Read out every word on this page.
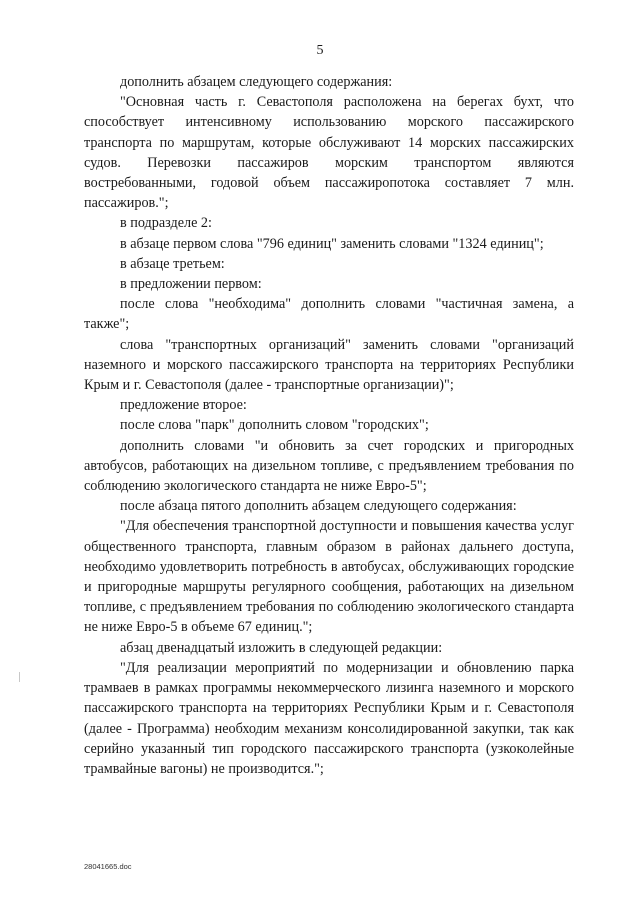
5

дополнить абзацем следующего содержания:

"Основная часть г. Севастополя расположена на берегах бухт, что способствует интенсивному использованию морского пассажирского транспорта по маршрутам, которые обслуживают 14 морских пассажирских судов. Перевозки пассажиров морским транспортом являются востребованными, годовой объем пассажиропотока составляет 7 млн. пассажиров.";

в подразделе 2:

в абзаце первом слова "796 единиц" заменить словами "1324 единиц";

в абзаце третьем:

в предложении первом:

после слова "необходима" дополнить словами "частичная замена, а также";

слова "транспортных организаций" заменить словами "организаций наземного и морского пассажирского транспорта на территориях Республики Крым и г. Севастополя (далее - транспортные организации)";

предложение второе:

после слова "парк" дополнить словом "городских";

дополнить словами "и обновить за счет городских и пригородных автобусов, работающих на дизельном топливе, с предъявлением требования по соблюдению экологического стандарта не ниже Евро-5";

после абзаца пятого дополнить абзацем следующего содержания:

"Для обеспечения транспортной доступности и повышения качества услуг общественного транспорта, главным образом в районах дальнего доступа, необходимо удовлетворить потребность в автобусах, обслуживающих городские и пригородные маршруты регулярного сообщения, работающих на дизельном топливе, с предъявлением требования по соблюдению экологического стандарта не ниже Евро-5 в объеме 67 единиц.";

абзац двенадцатый изложить в следующей редакции:

"Для реализации мероприятий по модернизации и обновлению парка трамваев в рамках программы некоммерческого лизинга наземного и морского пассажирского транспорта на территориях Республики Крым и г. Севастополя (далее - Программа) необходим механизм консолидированной закупки, так как серийно указанный тип городского пассажирского транспорта (узкоколейные трамвайные вагоны) не производится.";

28041665.doc
